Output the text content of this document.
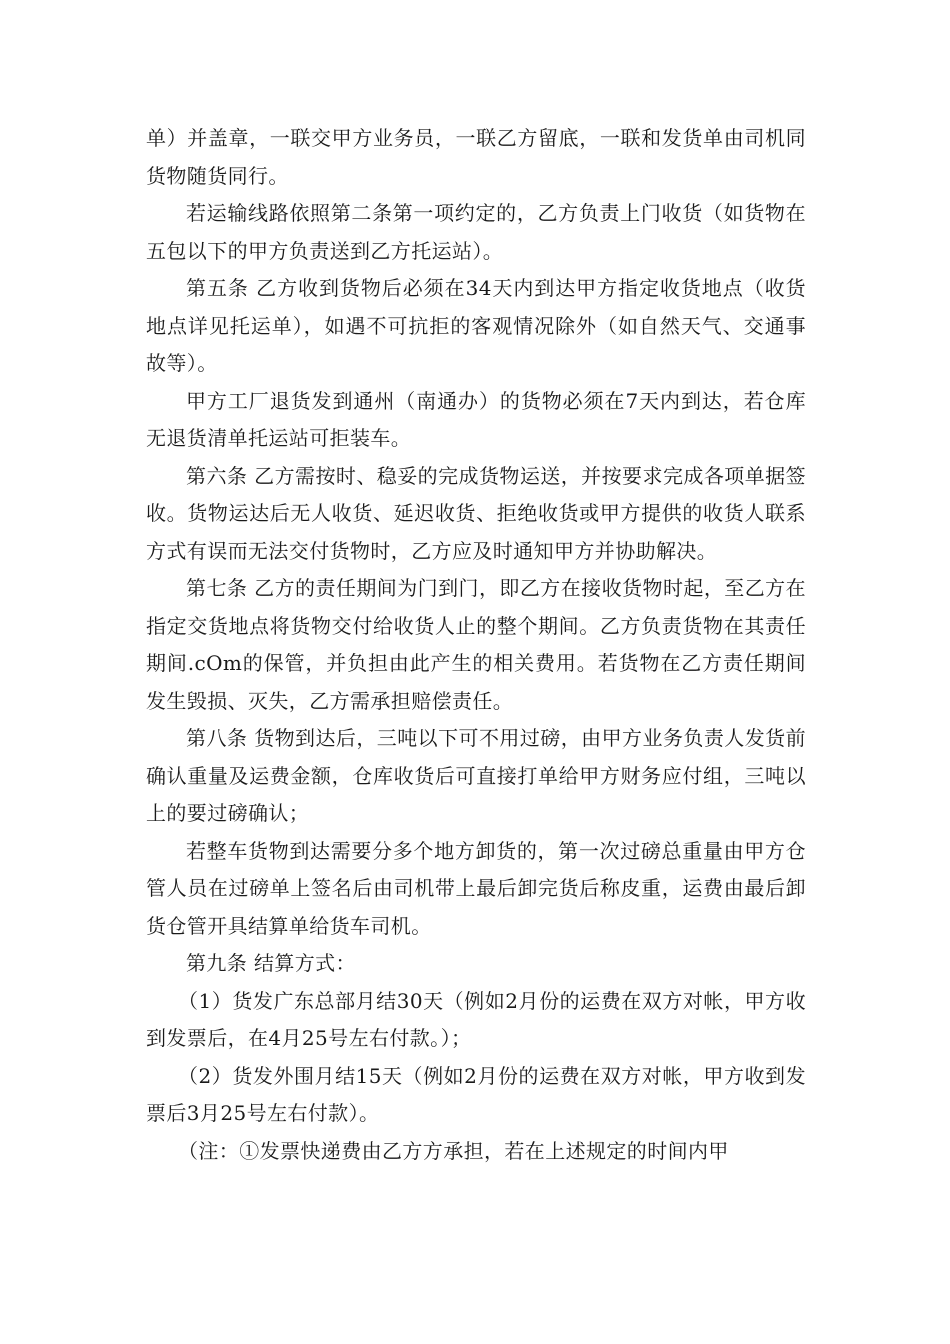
单）并盖章，一联交甲方业务员，一联乙方留底，一联和发货单由司机同货物随货同行。

若运输线路依照第二条第一项约定的，乙方负责上门收货（如货物在五包以下的甲方负责送到乙方托运站）。

第五条 乙方收到货物后必须在34天内到达甲方指定收货地点（收货地点详见托运单），如遇不可抗拒的客观情况除外（如自然天气、交通事故等）。

甲方工厂退货发到通州（南通办）的货物必须在7天内到达，若仓库无退货清单托运站可拒装车。

第六条 乙方需按时、稳妥的完成货物运送，并按要求完成各项单据签收。货物运达后无人收货、延迟收货、拒绝收货或甲方提供的收货人联系方式有误而无法交付货物时，乙方应及时通知甲方并协助解决。

第七条 乙方的责任期间为门到门，即乙方在接收货物时起，至乙方在指定交货地点将货物交付给收货人止的整个期间。乙方负责货物在其责任期间.cOm的保管，并负担由此产生的相关费用。若货物在乙方责任期间发生毁损、灭失，乙方需承担赔偿责任。

第八条 货物到达后，三吨以下可不用过磅，由甲方业务负责人发货前确认重量及运费金额，仓库收货后可直接打单给甲方财务应付组，三吨以上的要过磅确认；

若整车货物到达需要分多个地方卸货的，第一次过磅总重量由甲方仓管人员在过磅单上签名后由司机带上最后卸完货后称皮重，运费由最后卸货仓管开具结算单给货车司机。

第九条 结算方式：

（1）货发广东总部月结30天（例如2月份的运费在双方对帐，甲方收到发票后，在4月25号左右付款。）；

（2）货发外围月结15天（例如2月份的运费在双方对帐，甲方收到发票后3月25号左右付款）。

（注：①发票快递费由乙方方承担，若在上述规定的时间内甲
